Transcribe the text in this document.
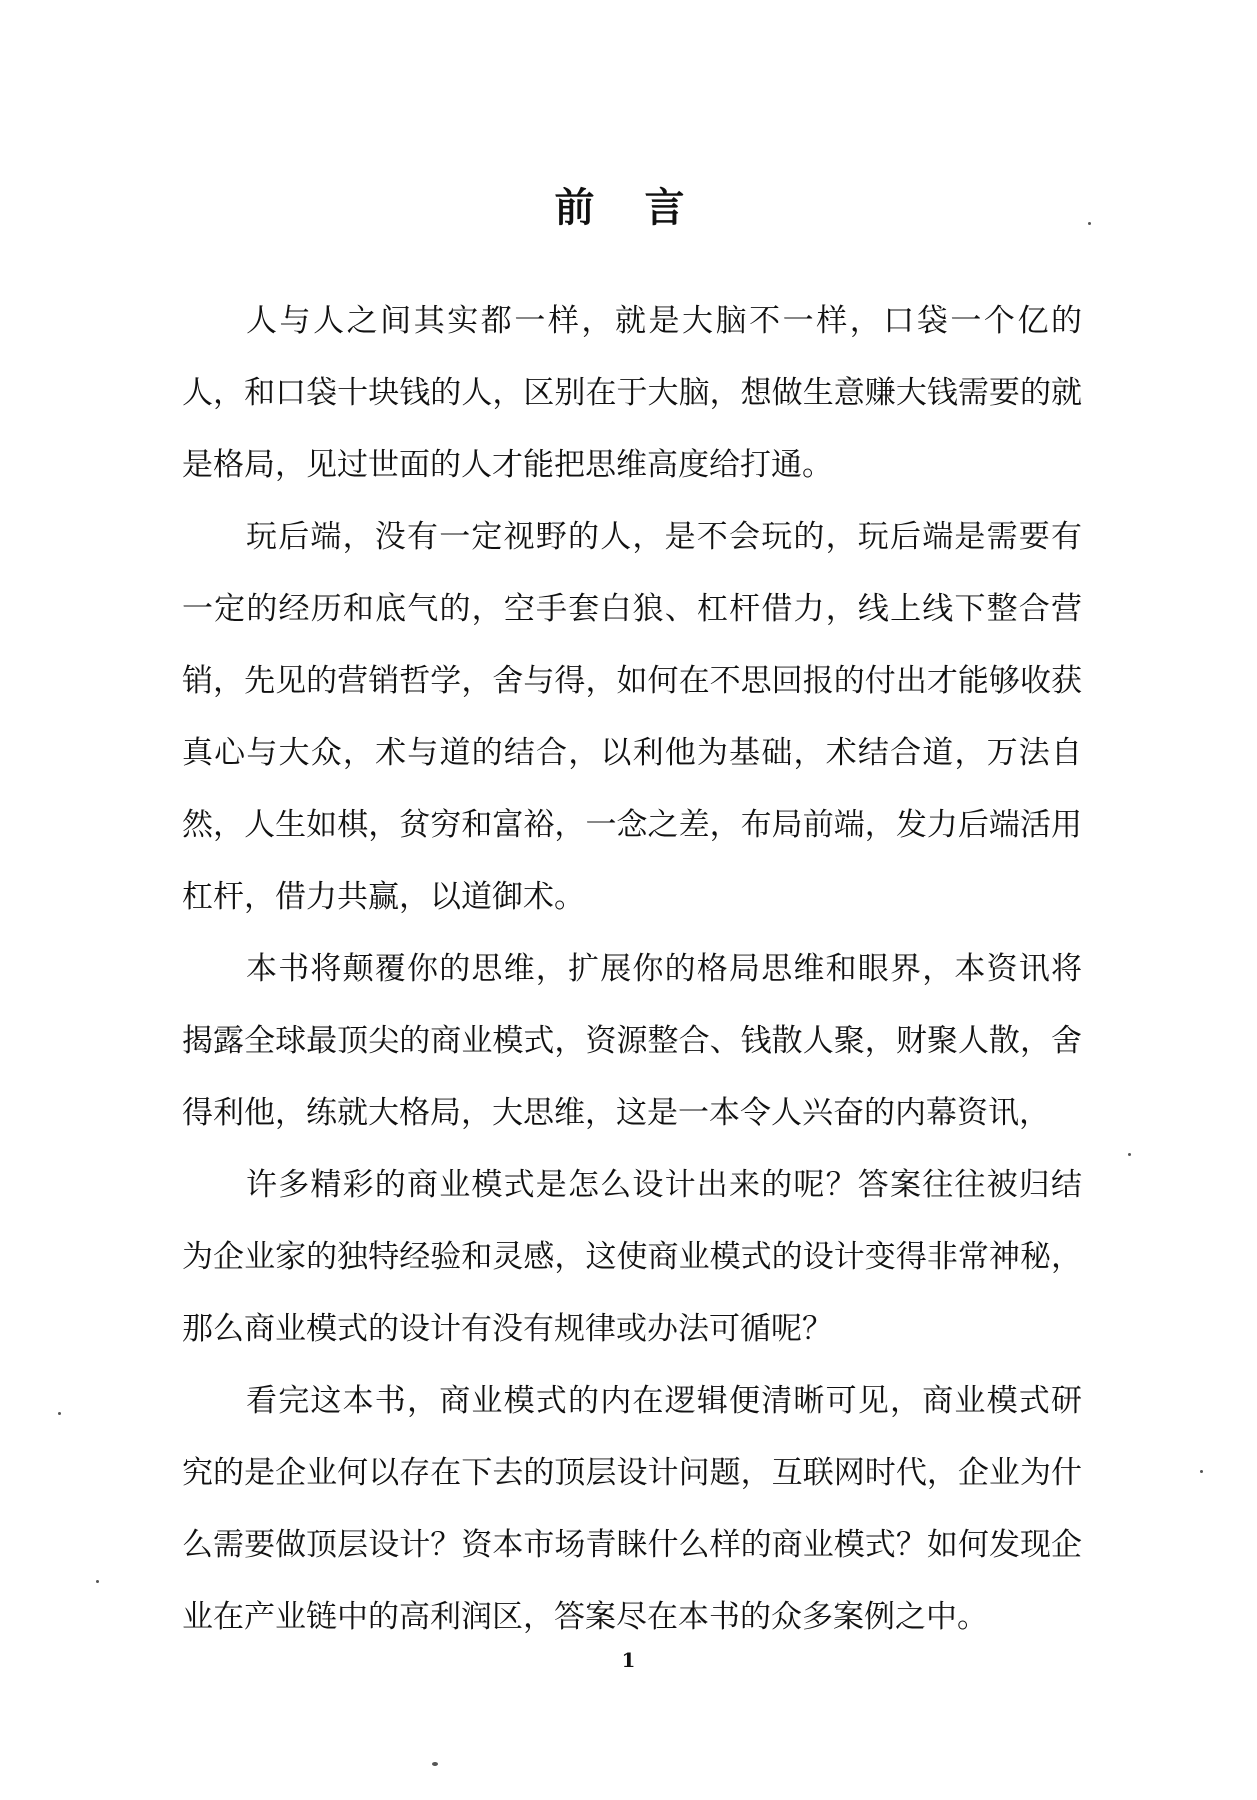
前 言

人与人之间其实都一样，就是大脑不一样，口袋一个亿的人，和口袋十块钱的人，区别在于大脑，想做生意赚大钱需要的就是格局，见过世面的人才能把思维高度给打通。

玩后端，没有一定视野的人，是不会玩的，玩后端是需要有一定的经历和底气的，空手套白狼、杠杆借力，线上线下整合营销，先见的营销哲学，舍与得，如何在不思回报的付出才能够收获真心与大众，术与道的结合，以利他为基础，术结合道，万法自然，人生如棋，贫穷和富裕，一念之差，布局前端，发力后端活用杠杆，借力共赢，以道御术。

本书将颠覆你的思维，扩展你的格局思维和眼界，本资讯将揭露全球最顶尖的商业模式，资源整合、钱散人聚，财聚人散，舍得利他，练就大格局，大思维，这是一本令人兴奋的内幕资讯，

许多精彩的商业模式是怎么设计出来的呢？答案往往被归结为企业家的独特经验和灵感，这使商业模式的设计变得非常神秘，那么商业模式的设计有没有规律或办法可循呢？

看完这本书，商业模式的内在逻辑便清晰可见，商业模式研究的是企业何以存在下去的顶层设计问题，互联网时代，企业为什么需要做顶层设计？资本市场青睐什么样的商业模式？如何发现企业在产业链中的高利润区，答案尽在本书的众多案例之中。

1
